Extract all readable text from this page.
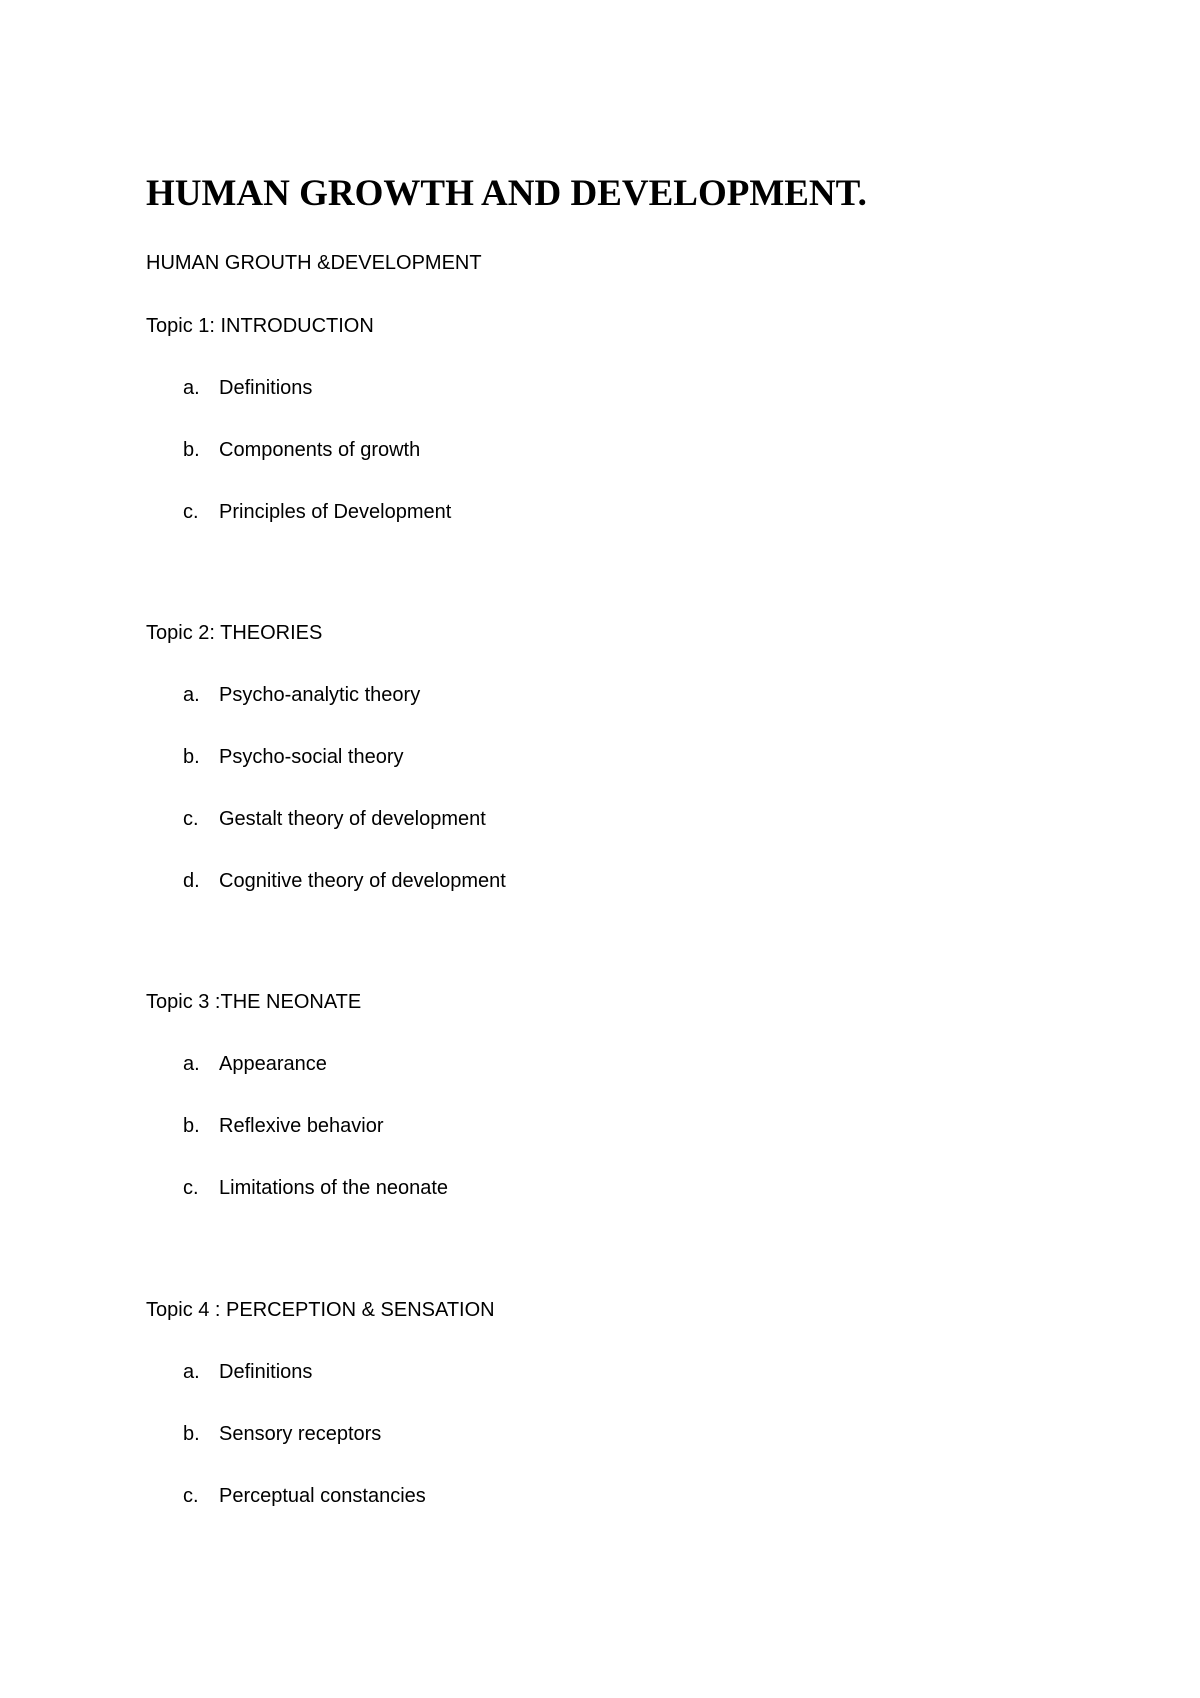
HUMAN GROWTH AND DEVELOPMENT.

HUMAN GROUTH &DEVELOPMENT

Topic 1: INTRODUCTION

a. Definitions
b. Components of growth
c. Principles of Development

Topic 2: THEORIES

a. Psycho-analytic theory
b. Psycho-social theory
c. Gestalt theory of development
d. Cognitive theory of development

Topic 3 :THE NEONATE

a. Appearance
b. Reflexive behavior
c. Limitations of the neonate

Topic 4 : PERCEPTION & SENSATION

a. Definitions
b. Sensory receptors
c. Perceptual constancies
